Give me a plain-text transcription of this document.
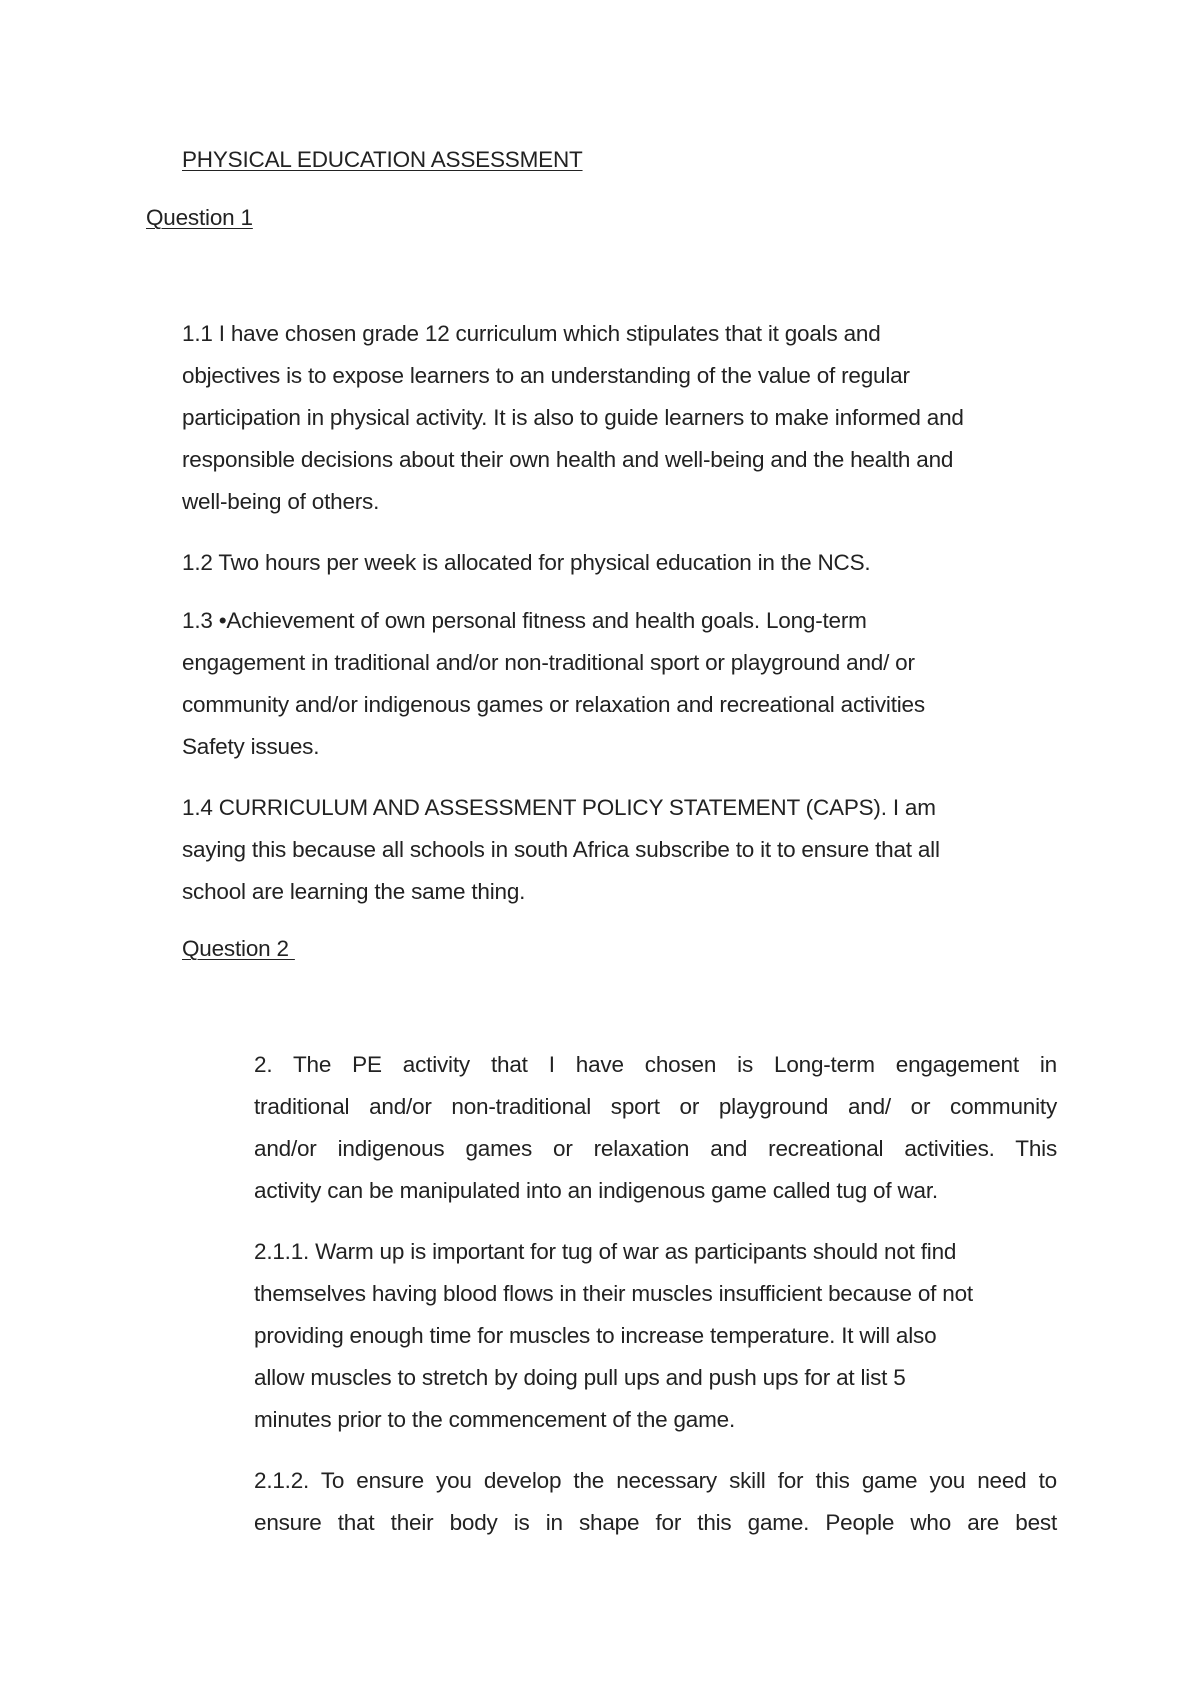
PHYSICAL EDUCATION ASSESSMENT
Question 1

1.1 I have chosen grade 12 curriculum which stipulates that it goals and

objectives is to expose learners to an understanding of the value of regular

participation in physical activity. It is also to guide learners to make informed and

responsible decisions about their own health and well-being and the health and

well-being of others.

1.2 Two hours per week is allocated for physical education in the NCS.

1.3 •Achievement of own personal fitness and health goals. Long-term

engagement in traditional and/or non-traditional sport or playground and/ or

community and/or indigenous games or relaxation and recreational activities

Safety issues.

1.4 CURRICULUM AND ASSESSMENT POLICY STATEMENT (CAPS). I am

saying this because all schools in south Africa subscribe to it to ensure that all

school are learning the same thing.

Question 2

2. The PE activity that I have chosen is Long-term engagement in

traditional and/or non-traditional sport or playground and/ or community

and/or indigenous games or relaxation and recreational activities. This

activity can be manipulated into an indigenous game called tug of war.

2.1.1. Warm up is important for tug of war as participants should not find

themselves having blood flows in their muscles insufficient because of not

providing enough time for muscles to increase temperature. It will also

allow muscles to stretch by doing pull ups and push ups for at list 5

minutes prior to the commencement of the game.

2.1.2. To ensure you develop the necessary skill for this game you need to

ensure that their body is in shape for this game. People who are best
